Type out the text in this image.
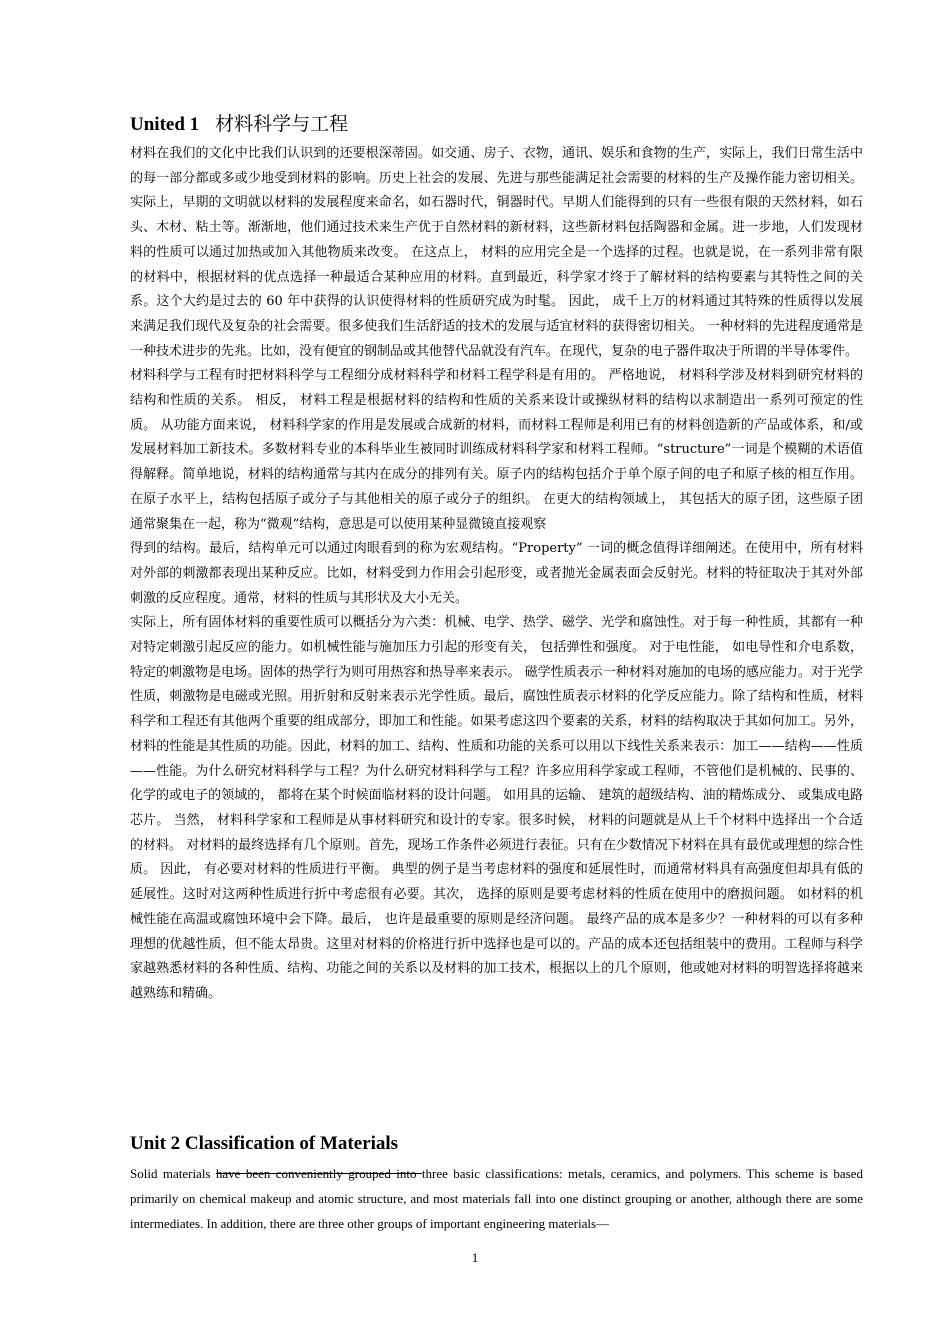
United 1 材料科学与工程

材料在我们的文化中比我们认识到的还要根深蒂固。如交通、房子、衣物，通讯、娱乐和食物的生产，实际上，我们日常生活中的每一部分都或多或少地受到材料的影响。历史上社会的发展、先进与那些能满足社会需要的材料的生产及操作能力密切相关。实际上，早期的文明就以材料的发展程度来命名，如石器时代，铜器时代。早期人们能得到的只有一些很有限的天然材料，如石头、木材、粘土等。渐渐地，他们通过技术来生产优于自然材料的新材料，这些新材料包括陶器和金属。进一步地，人们发现材料的性质可以通过加热或加入其他物质来改变。 在这点上， 材料的应用完全是一个选择的过程。也就是说，在一系列非常有限的材料中，根据材料的优点选择一种最适合某种应用的材料。直到最近，科学家才终于了解材料的结构要素与其特性之间的关系。这个大约是过去的 60 年中获得的认识使得材料的性质研究成为时髦。 因此， 成千上万的材料通过其特殊的性质得以发展来满足我们现代及复杂的社会需要。很多使我们生活舒适的技术的发展与适宜材料的获得密切相关。 一种材料的先进程度通常是一种技术进步的先兆。比如，没有便宜的钢制品或其他替代品就没有汽车。在现代，复杂的电子器件取决于所谓的半导体零件。

材料科学与工程有时把材料科学与工程细分成材料科学和材料工程学科是有用的。 严格地说， 材料科学涉及材料到研究材料的结构和性质的关系。 相反， 材料工程是根据材料的结构和性质的关系来设计或操纵材料的结构以求制造出一系列可预定的性质。 从功能方面来说， 材料科学家的作用是发展或合成新的材料，而材料工程师是利用已有的材料创造新的产品或体系，和/或发展材料加工新技术。多数材料专业的本科毕业生被同时训练成材料科学家和材料工程师。“structure”一词是个模糊的术语值得解释。简单地说，材料的结构通常与其内在成分的排列有关。原子内的结构包括介于单个原子间的电子和原子核的相互作用。在原子水平上，结构包括原子或分子与其他相关的原子或分子的组织。 在更大的结构领域上， 其包括大的原子团，这些原子团通常聚集在一起，称为“微观”结构，意思是可以使用某种显微镜直接观察

得到的结构。最后，结构单元可以通过肉眼看到的称为宏观结构。“Property” 一词的概念值得详细阐述。在使用中，所有材料对外部的刺激都表现出某种反应。比如，材料受到力作用会引起形变，或者抛光金属表面会反射光。材料的特征取决于其对外部刺激的反应程度。通常，材料的性质与其形状及大小无关。

实际上，所有固体材料的重要性质可以概括分为六类：机械、电学、热学、磁学、光学和腐蚀性。对于每一种性质，其都有一种对特定刺激引起反应的能力。如机械性能与施加压力引起的形变有关， 包括弹性和强度。 对于电性能， 如电导性和介电系数， 特定的刺激物是电场。固体的热学行为则可用热容和热导率来表示。 磁学性质表示一种材料对施加的电场的感应能力。对于光学性质，刺激物是电磁或光照。用折射和反射来表示光学性质。最后，腐蚀性质表示材料的化学反应能力。除了结构和性质，材料科学和工程还有其他两个重要的组成部分，即加工和性能。如果考虑这四个要素的关系，材料的结构取决于其如何加工。另外，材料的性能是其性质的功能。因此，材料的加工、结构、性质和功能的关系可以用以下线性关系来表示：加工——结构——性质——性能。为什么研究材料科学与工程？为什么研究材料科学与工程？许多应用科学家或工程师，不管他们是机械的、民事的、化学的或电子的领域的， 都将在某个时候面临材料的设计问题。 如用具的运输、 建筑的超级结构、油的精炼成分、 或集成电路芯片。 当然， 材料科学家和工程师是从事材料研究和设计的专家。很多时候， 材料的问题就是从上千个材料中选择出一个合适的材料。 对材料的最终选择有几个原则。首先，现场工作条件必须进行表征。只有在少数情况下材料在具有最优或理想的综合性质。 因此， 有必要对材料的性质进行平衡。 典型的例子是当考虑材料的强度和延展性时，而通常材料具有高强度但却具有低的延展性。这时对这两种性质进行折中考虑很有必要。其次， 选择的原则是要考虑材料的性质在使用中的磨损问题。 如材料的机械性能在高温或腐蚀环境中会下降。最后， 也许是最重要的原则是经济问题。 最终产品的成本是多少？一种材料的可以有多种理想的优越性质，但不能太昂贵。这里对材料的价格进行折中选择也是可以的。产品的成本还包括组装中的费用。工程师与科学家越熟悉材料的各种性质、结构、功能之间的关系以及材料的加工技术，根据以上的几个原则，他或她对材料的明智选择将越来越熟练和精确。

Unit 2 Classification of Materials

Solid materials have been conveniently grouped into three basic classifications: metals, ceramics, and polymers. This scheme is based primarily on chemical makeup and atomic structure, and most materials fall into one distinct grouping or another, although there are some intermediates. In addition, there are three other groups of important engineering materials—

1
